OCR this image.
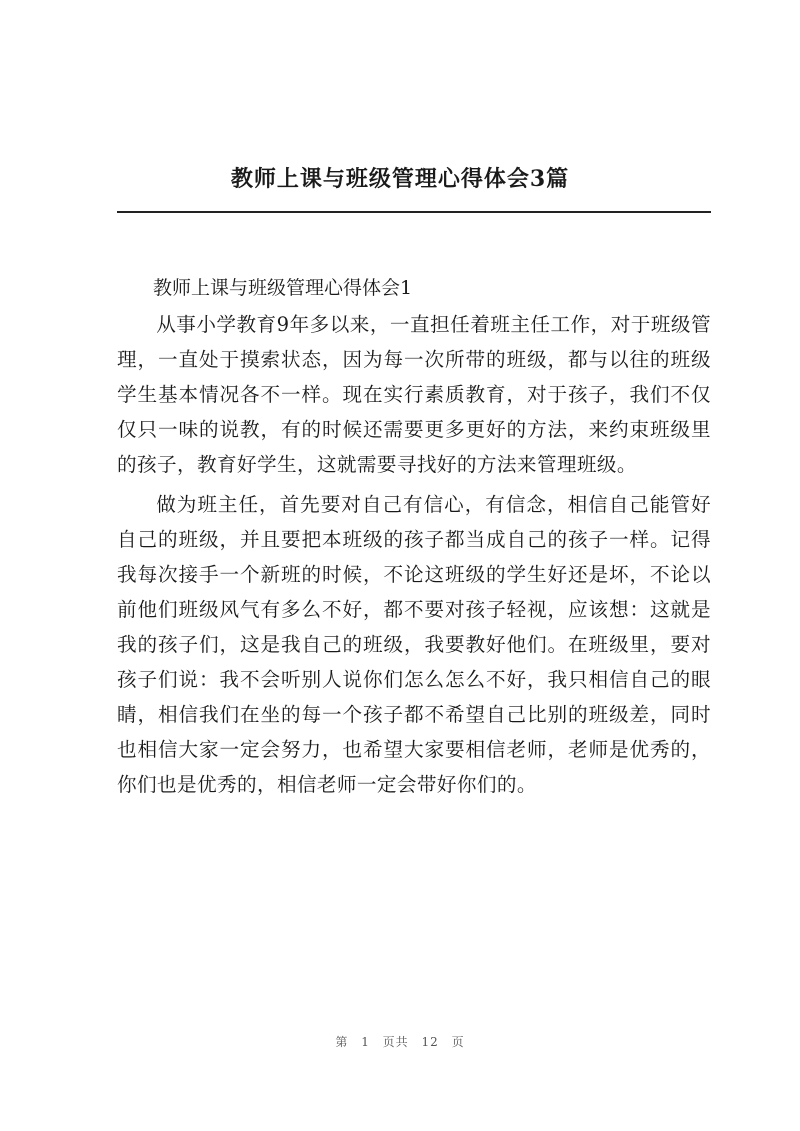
教师上课与班级管理心得体会3篇
教师上课与班级管理心得体会1

从事小学教育9年多以来，一直担任着班主任工作，对于班级管理，一直处于摸索状态，因为每一次所带的班级，都与以往的班级学生基本情况各不一样。现在实行素质教育，对于孩子，我们不仅仅只一味的说教，有的时候还需要更多更好的方法，来约束班级里的孩子，教育好学生，这就需要寻找好的方法来管理班级。

做为班主任，首先要对自己有信心，有信念，相信自己能管好自己的班级，并且要把本班级的孩子都当成自己的孩子一样。记得我每次接手一个新班的时候，不论这班级的学生好还是坏，不论以前他们班级风气有多么不好，都不要对孩子轻视，应该想：这就是我的孩子们，这是我自己的班级，我要教好他们。在班级里，要对孩子们说：我不会听别人说你们怎么怎么不好，我只相信自己的眼睛，相信我们在坐的每一个孩子都不希望自己比别的班级差，同时也相信大家一定会努力，也希望大家要相信老师，老师是优秀的，你们也是优秀的，相信老师一定会带好你们的。

第 1 页共 12 页
